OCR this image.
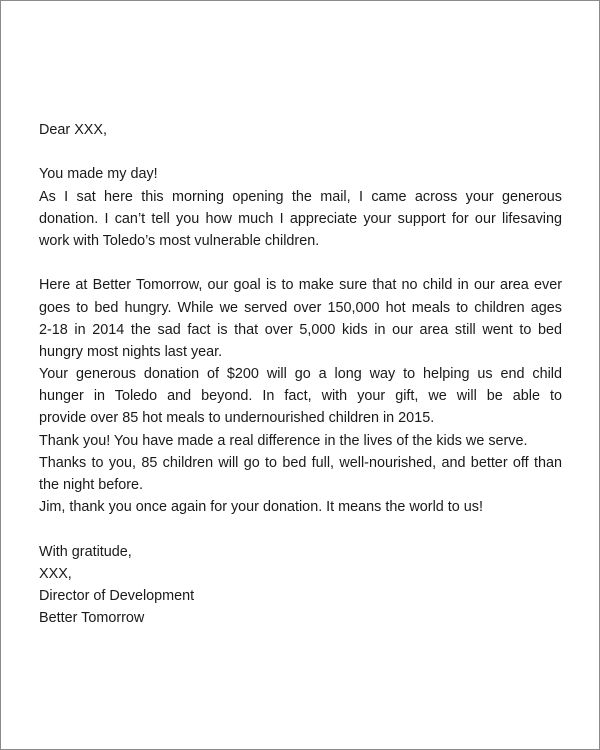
Dear XXX,
You made my day!
As I sat here this morning opening the mail, I came across your generous
donation. I can’t tell you how much I appreciate your support for our lifesaving
work with Toledo’s most vulnerable children.
Here at Better Tomorrow, our goal is to make sure that no child in our area ever
goes to bed hungry. While we served over 150,000 hot meals to children ages
2-18 in 2014 the sad fact is that over 5,000 kids in our area still went to bed
hungry most nights last year.
Your generous donation of $200 will go a long way to helping us end child
hunger in Toledo and beyond. In fact, with your gift, we will be able to
provide over 85 hot meals to undernourished children in 2015.
Thank you! You have made a real difference in the lives of the kids we serve.
Thanks to you, 85 children will go to bed full, well-nourished, and better off than
the night before.
Jim, thank you once again for your donation. It means the world to us!
With gratitude,
XXX,
Director of Development
Better Tomorrow
